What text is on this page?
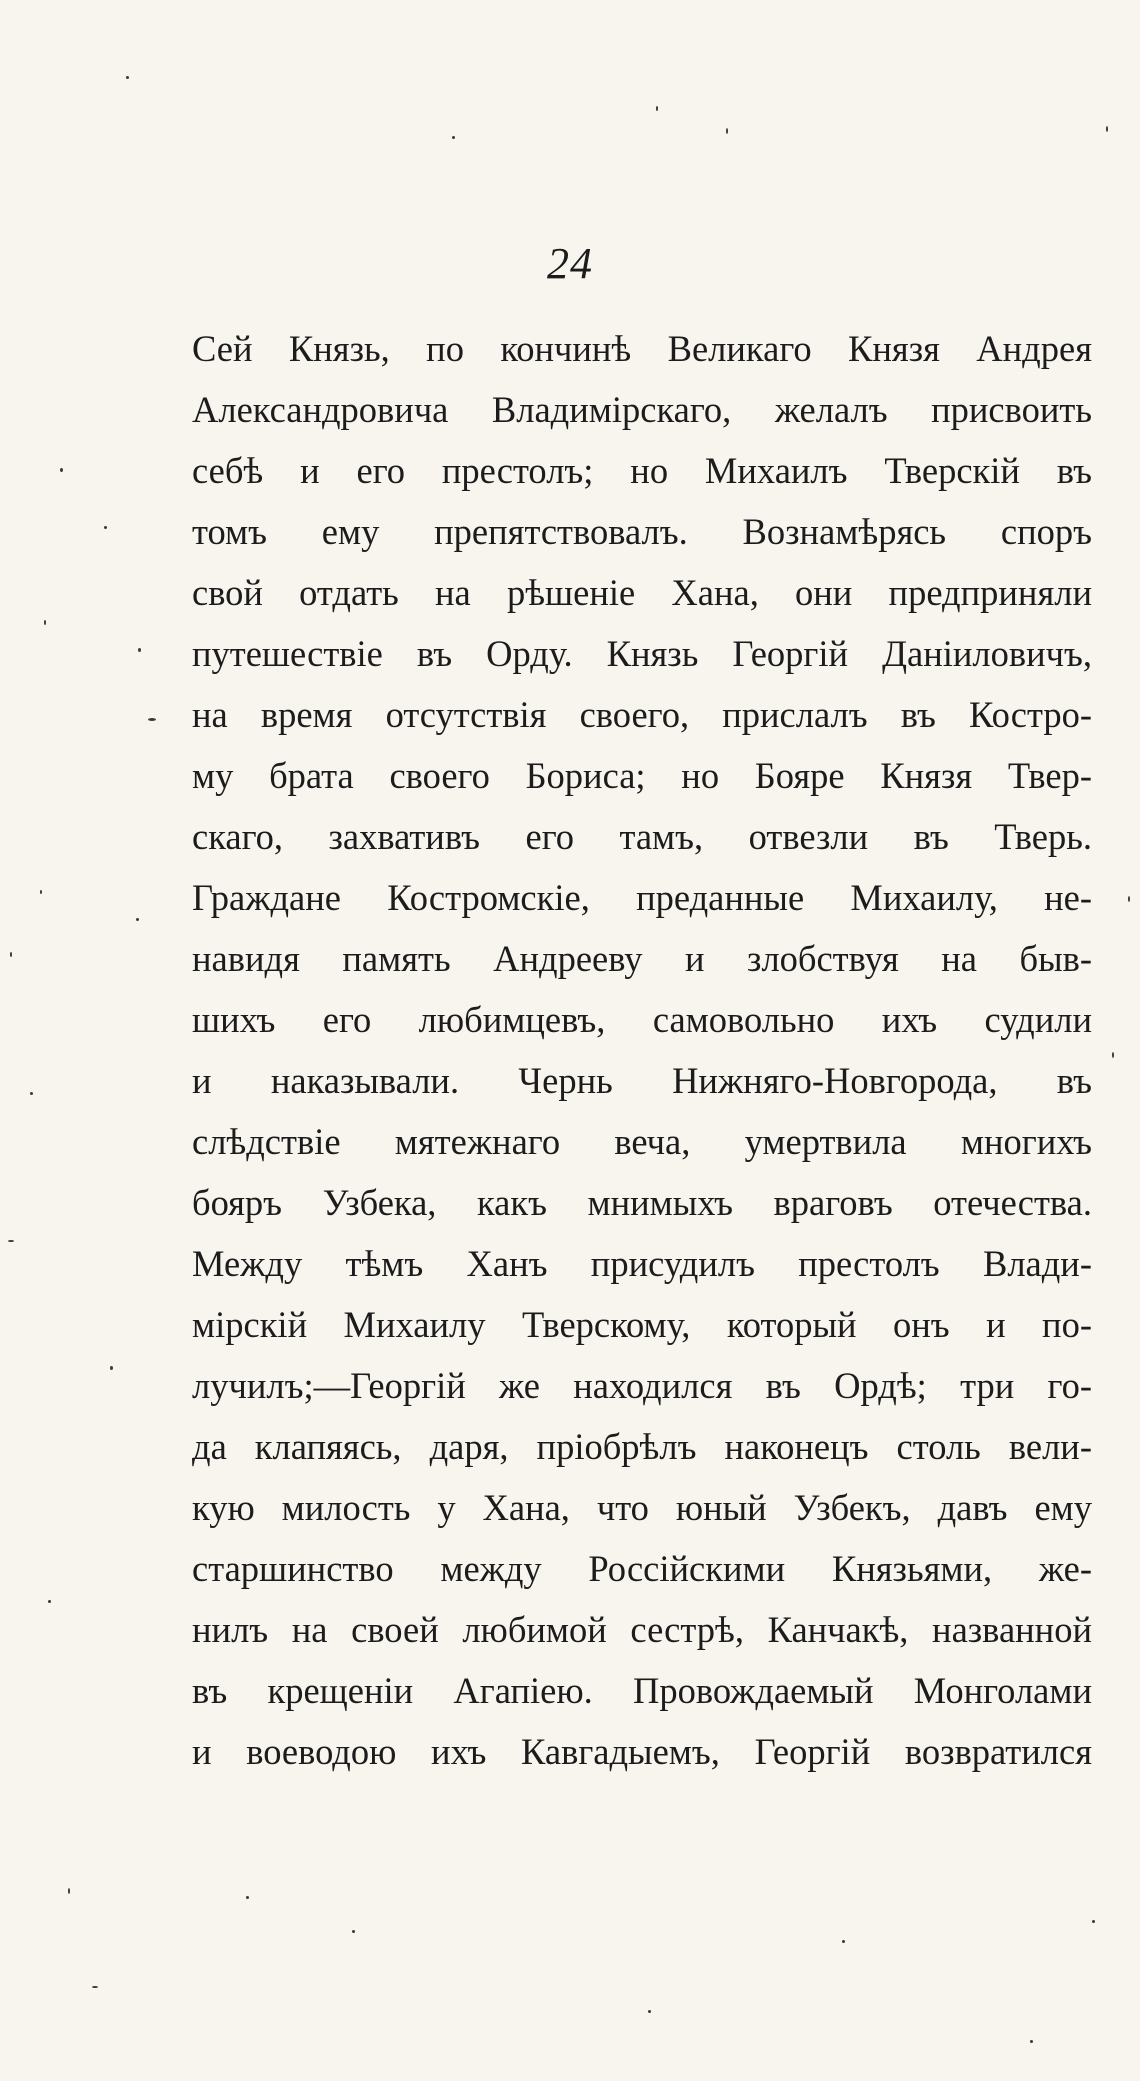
24
Сей Князь, по кончинѣ Великаго Князя Андрея
Александровича Владимірскаго, желалъ присвоить
себѣ и его престолъ; но Михаилъ Тверскій въ
томъ ему препятствовалъ. Вознамѣрясь споръ
свой отдать на рѣшеніе Хана, они предприняли
путешествіе въ Орду. Князь Георгій Даніиловичъ,
на время отсутствія своего, прислалъ въ Костро-
му брата своего Бориса; но Бояре Князя Твер-
скаго, захвативъ его тамъ, отвезли въ Тверь.
Граждане Костромскіе, преданные Михаилу, не-
навидя память Андрееву и злобствуя на быв-
шихъ его любимцевъ, самовольно ихъ судили
и наказывали. Чернь Нижняго-Новгорода, въ
слѣдствіе мятежнаго веча, умертвила многихъ
бояръ Узбека, какъ мнимыхъ враговъ отечества.
Между тѣмъ Ханъ присудилъ престолъ Влади-
мірскій Михаилу Тверскому, который онъ и по-
лучилъ;—Георгій же находился въ Ордѣ; три го-
да клапяясь, даря, пріобрѣлъ наконецъ столь вели-
кую милость у Хана, что юный Узбекъ, давъ ему
старшинство между Россійскими Князьями, же-
нилъ на своей любимой сестрѣ, Канчакѣ, названной
въ крещеніи Агапіею. Провождаемый Монголами
и воеводою ихъ Кавгадыемъ, Георгій возвратился
